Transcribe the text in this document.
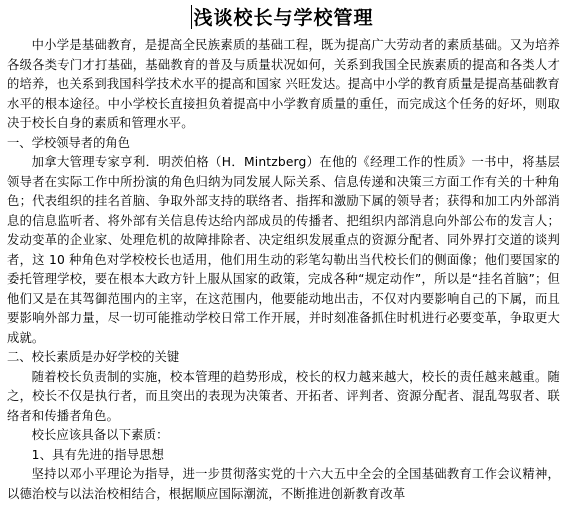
浅谈校长与学校管理

中小学是基础教育，是提高全民族素质的基础工程，既为提高广大劳动者的素质基础。又为培养各级各类专门才打基础，基础教育的普及与质量状况如何，关系到我国全民族素质的提高和各类人才的培养，也关系到我国科学技术水平的提高和国家 兴旺发达。提高中小学的教育质量是提高基础教育水平的根本途径。中小学校长直接担负着提高中小学教育质量的重任，而完成这个任务的好坏，则取决于校长自身的素质和管理水平。

一、学校领导者的角色

加拿大管理专家亨利．明茨伯格（H．Mintzberg）在他的《经理工作的性质》一书中，将基层领导者在实际工作中所扮演的角色归纳为同发展人际关系、信息传递和决策三方面工作有关的十种角色；代表组织的挂名首脑、争取外部支持的联络者、指挥和激励下属的领导者；获得和加工内外部消息的信息监听者、将外部有关信息传达给内部成员的传播者、把组织内部消息向外部公布的发言人；发动变革的企业家、处理危机的故障排除者、决定组织发展重点的资源分配者、同外界打交道的谈判者，这 10 种角色对学校校长也适用，他们用生动的彩笔勾勒出当代校长们的侧面像；他们要国家的委托管理学校，要在根本大政方针上服从国家的政策，完成各种“规定动作”，所以是“挂名首脑”；但他们又是在其驾御范围内的主宰，在这范围内，他要能动地出击，不仅对内要影响自己的下属，而且要影响外部力量，尽一切可能推动学校日常工作开展，并时刻准备抓住时机进行必要变革，争取更大成就。

二、校长素质是办好学校的关键

随着校长负责制的实施，校本管理的趋势形成，校长的权力越来越大，校长的责任越来越重。随之，校长不仅是执行者，而且突出的表现为决策者、开拓者、评判者、资源分配者、混乱驾驭者、联络者和传播者角色。

校长应该具备以下素质：

1、具有先进的指导思想

坚持以邓小平理论为指导，进一步贯彻落实党的十六大五中全会的全国基础教育工作会议精神，以德治校与以法治校相结合，根据顺应国际潮流，不断推进创新教育改革
